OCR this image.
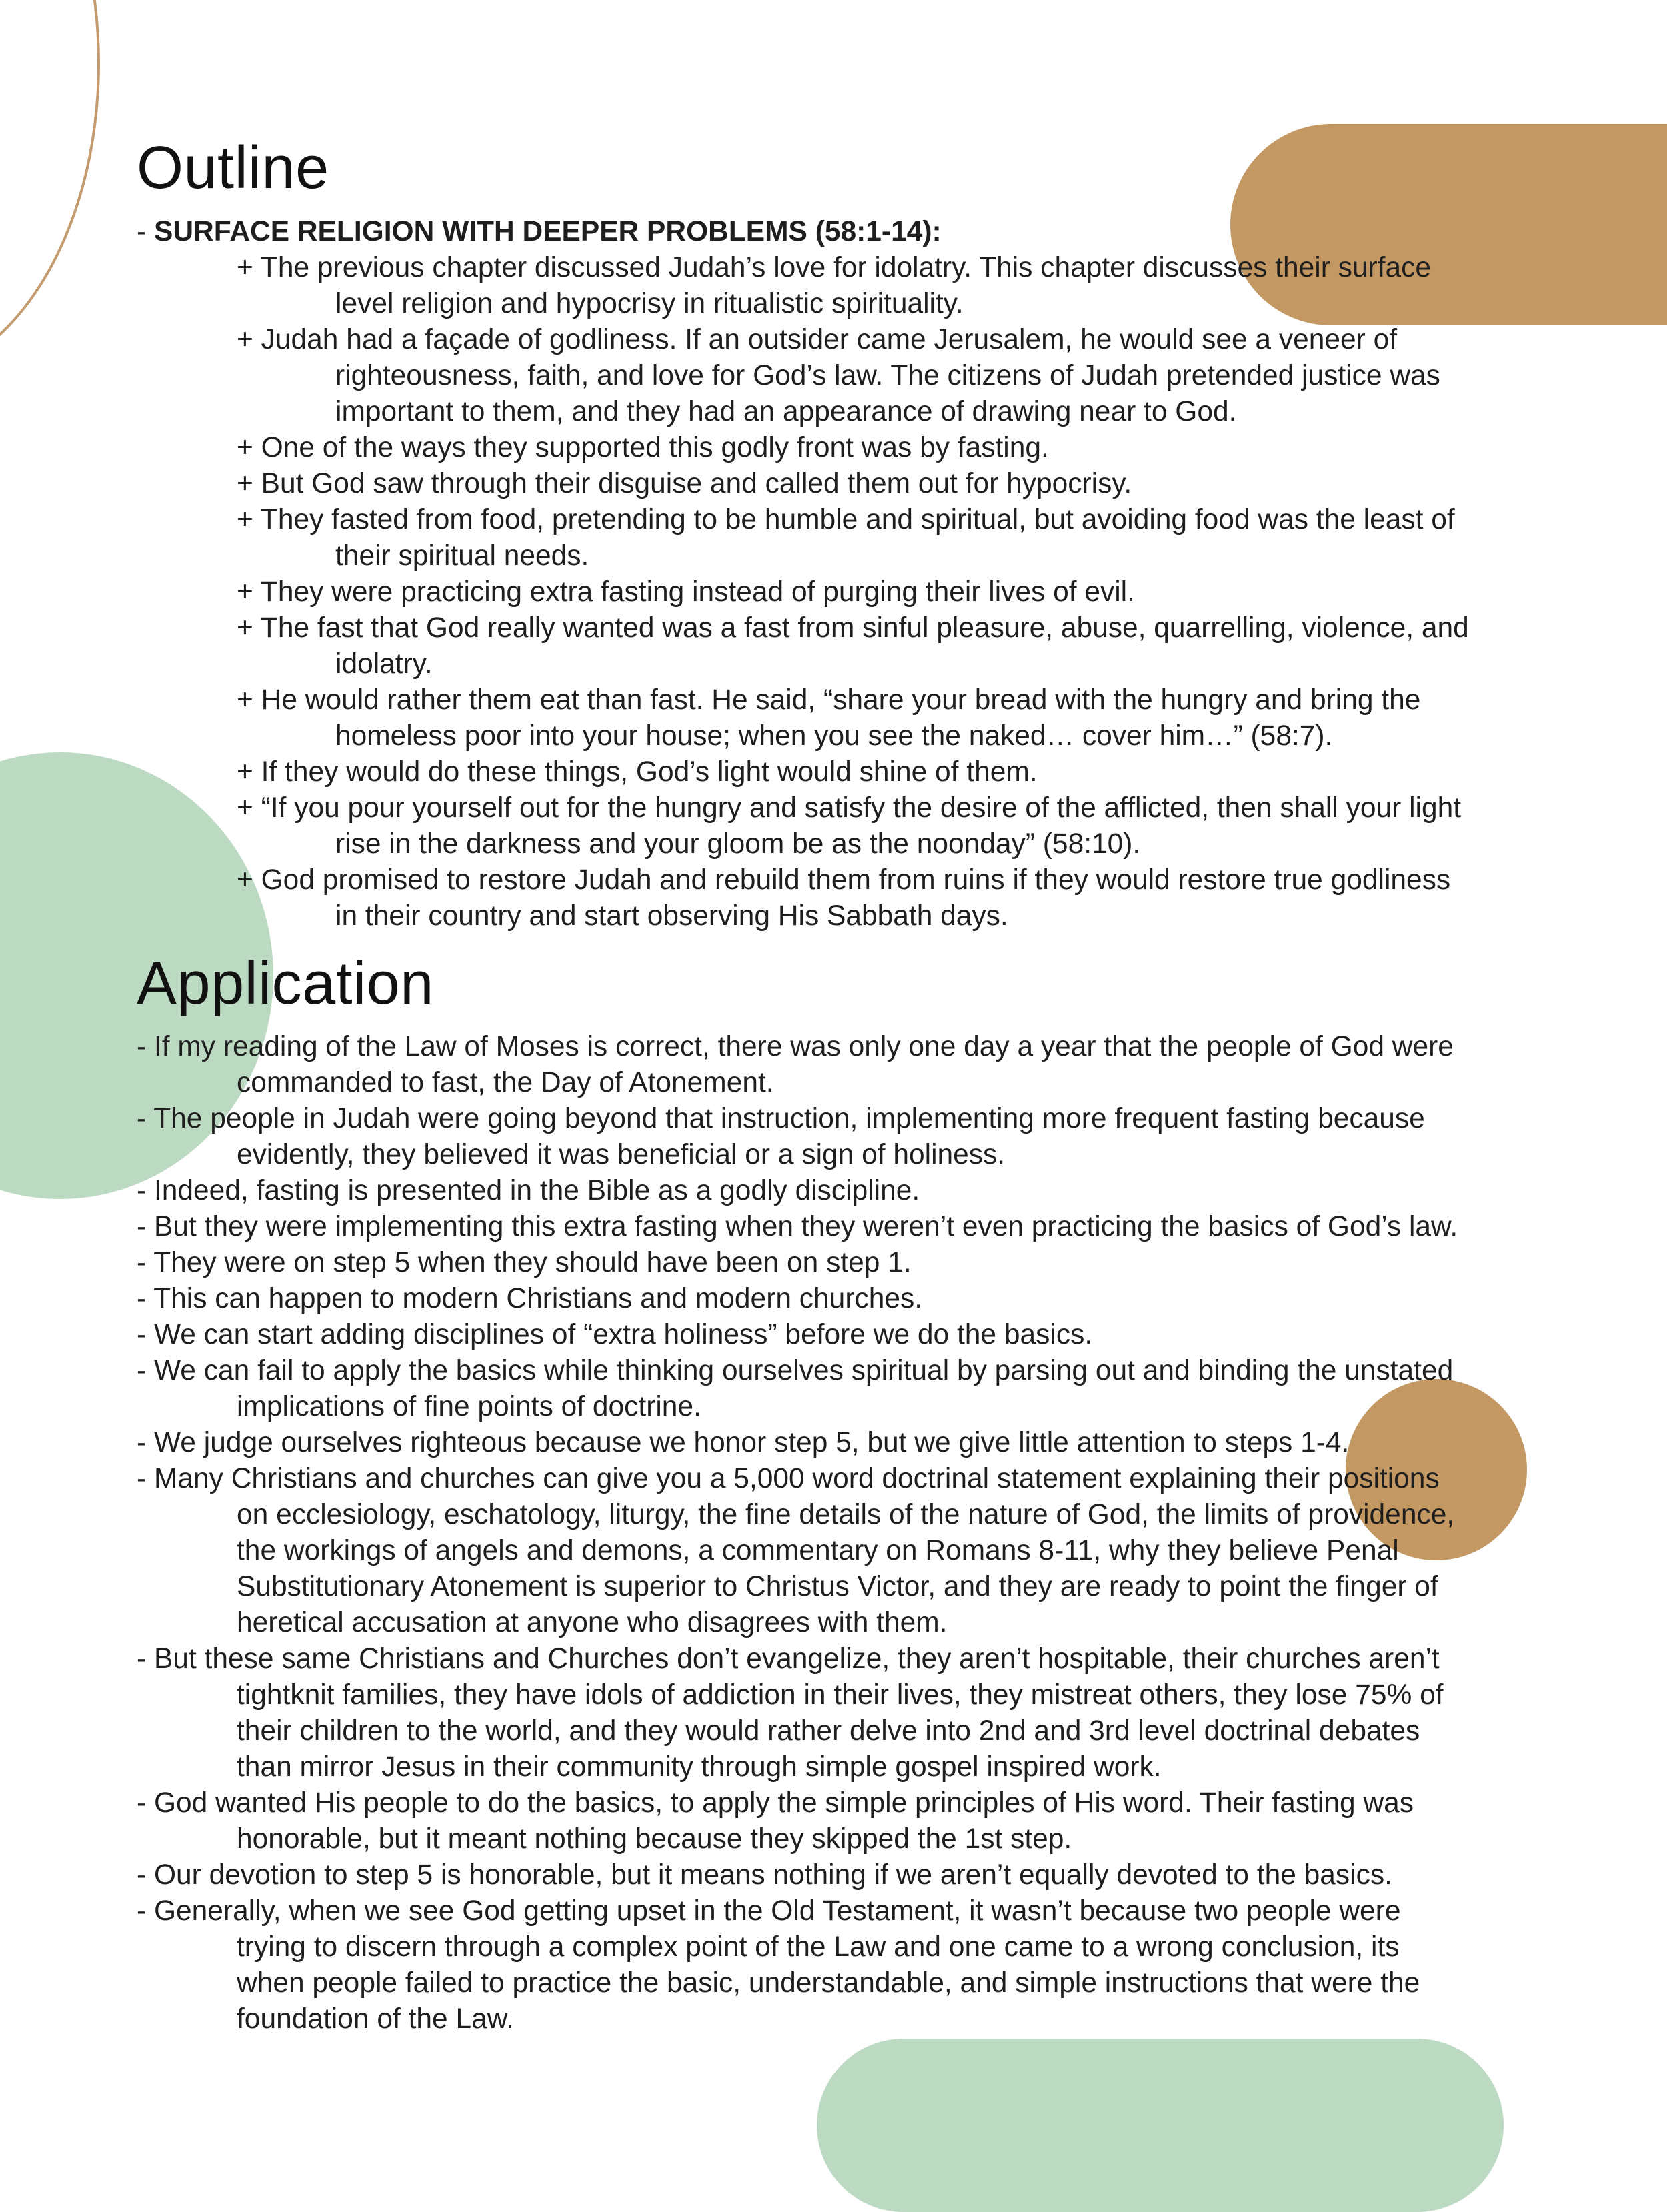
Outline
- SURFACE RELIGION WITH DEEPER PROBLEMS (58:1-14):
+ The previous chapter discussed Judah’s love for idolatry. This chapter discusses their surface
level religion and hypocrisy in ritualistic spirituality.
+ Judah had a façade of godliness. If an outsider came Jerusalem, he would see a veneer of
righteousness, faith, and love for God’s law. The citizens of Judah pretended justice was
important to them, and they had an appearance of drawing near to God.
+ One of the ways they supported this godly front was by fasting.
+ But God saw through their disguise and called them out for hypocrisy.
+ They fasted from food, pretending to be humble and spiritual, but avoiding food was the least of
their spiritual needs.
+ They were practicing extra fasting instead of purging their lives of evil.
+ The fast that God really wanted was a fast from sinful pleasure, abuse, quarrelling, violence, and
idolatry.
+ He would rather them eat than fast. He said, “share your bread with the hungry and bring the
homeless poor into your house; when you see the naked… cover him…” (58:7).
+ If they would do these things, God’s light would shine of them.
+ “If you pour yourself out for the hungry and satisfy the desire of the afflicted, then shall your light
rise in the darkness and your gloom be as the noonday” (58:10).
+ God promised to restore Judah and rebuild them from ruins if they would restore true godliness
in their country and start observing His Sabbath days.
Application
- If my reading of the Law of Moses is correct, there was only one day a year that the people of God were
commanded to fast, the Day of Atonement.
- The people in Judah were going beyond that instruction, implementing more frequent fasting because
evidently, they believed it was beneficial or a sign of holiness.
- Indeed, fasting is presented in the Bible as a godly discipline.
- But they were implementing this extra fasting when they weren’t even practicing the basics of God’s law.
- They were on step 5 when they should have been on step 1.
- This can happen to modern Christians and modern churches.
- We can start adding disciplines of “extra holiness” before we do the basics.
- We can fail to apply the basics while thinking ourselves spiritual by parsing out and binding the unstated
implications of fine points of doctrine.
- We judge ourselves righteous because we honor step 5, but we give little attention to steps 1-4.
- Many Christians and churches can give you a 5,000 word doctrinal statement explaining their positions
on ecclesiology, eschatology, liturgy, the fine details of the nature of God, the limits of providence,
the workings of angels and demons, a commentary on Romans 8-11, why they believe Penal
Substitutionary Atonement is superior to Christus Victor, and they are ready to point the finger of
heretical accusation at anyone who disagrees with them.
- But these same Christians and Churches don’t evangelize, they aren’t hospitable, their churches aren’t
tightknit families, they have idols of addiction in their lives, they mistreat others, they lose 75% of
their children to the world, and they would rather delve into 2nd and 3rd level doctrinal debates
than mirror Jesus in their community through simple gospel inspired work.
- God wanted His people to do the basics, to apply the simple principles of His word. Their fasting was
honorable, but it meant nothing because they skipped the 1st step.
- Our devotion to step 5 is honorable, but it means nothing if we aren’t equally devoted to the basics.
- Generally, when we see God getting upset in the Old Testament, it wasn’t because two people were
trying to discern through a complex point of the Law and one came to a wrong conclusion, its
when people failed to practice the basic, understandable, and simple instructions that were the
foundation of the Law.
